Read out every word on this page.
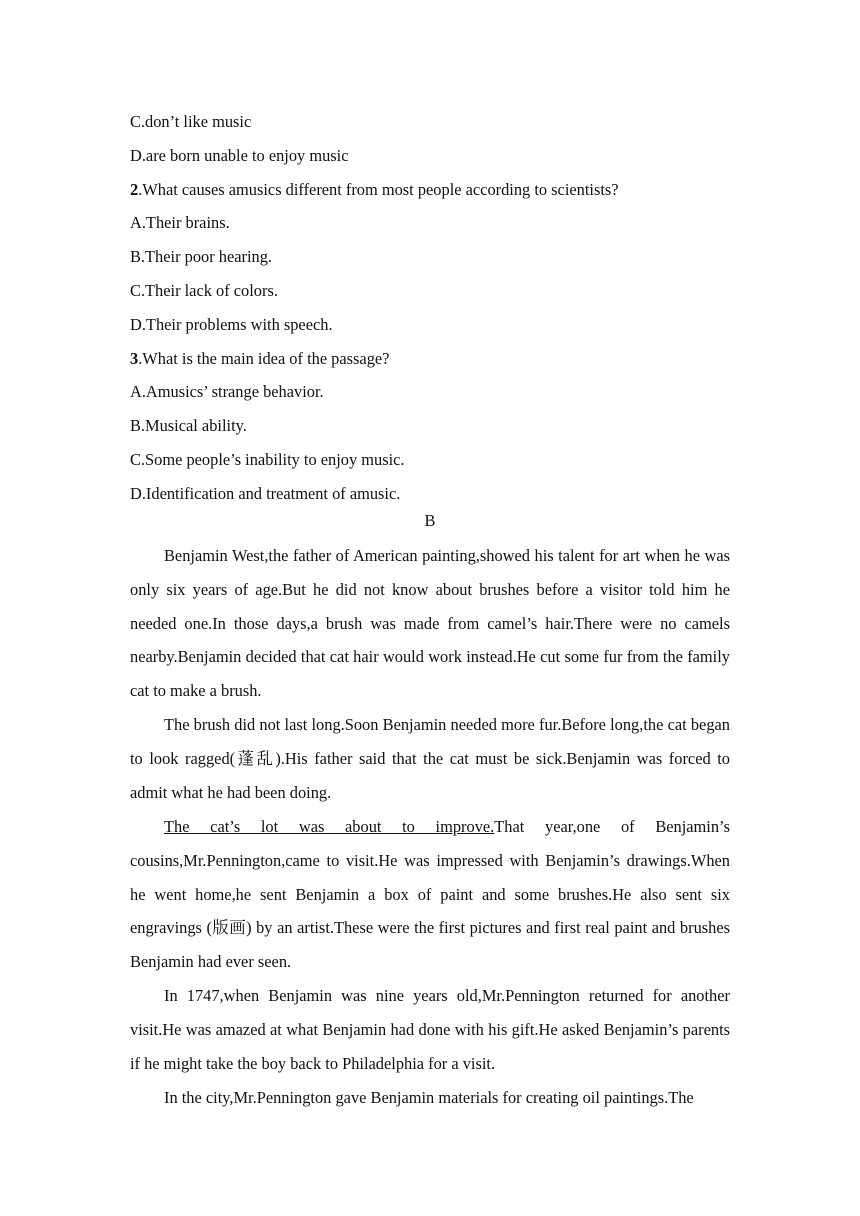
C.don’t like music
D.are born unable to enjoy music
2.What causes amusics different from most people according to scientists?
A.Their brains.
B.Their poor hearing.
C.Their lack of colors.
D.Their problems with speech.
3.What is the main idea of the passage?
A.Amusics’ strange behavior.
B.Musical ability.
C.Some people’s inability to enjoy music.
D.Identification and treatment of amusic.
B
Benjamin West,the father of American painting,showed his talent for art when he was only six years of age.But he did not know about brushes before a visitor told him he needed one.In those days,a brush was made from camel’s hair.There were no camels nearby.Benjamin decided that cat hair would work instead.He cut some fur from the family cat to make a brush.
The brush did not last long.Soon Benjamin needed more fur.Before long,the cat began to look ragged(蓬乱).His father said that the cat must be sick.Benjamin was forced to admit what he had been doing.
The cat’s lot was about to improve.That year,one of Benjamin’s cousins,Mr.Pennington,came to visit.He was impressed with Benjamin’s drawings.When he went home,he sent Benjamin a box of paint and some brushes.He also sent six engravings (版画) by an artist.These were the first pictures and first real paint and brushes Benjamin had ever seen.
In 1747,when Benjamin was nine years old,Mr.Pennington returned for another visit.He was amazed at what Benjamin had done with his gift.He asked Benjamin’s parents if he might take the boy back to Philadelphia for a visit.
In the city,Mr.Pennington gave Benjamin materials for creating oil paintings.The
